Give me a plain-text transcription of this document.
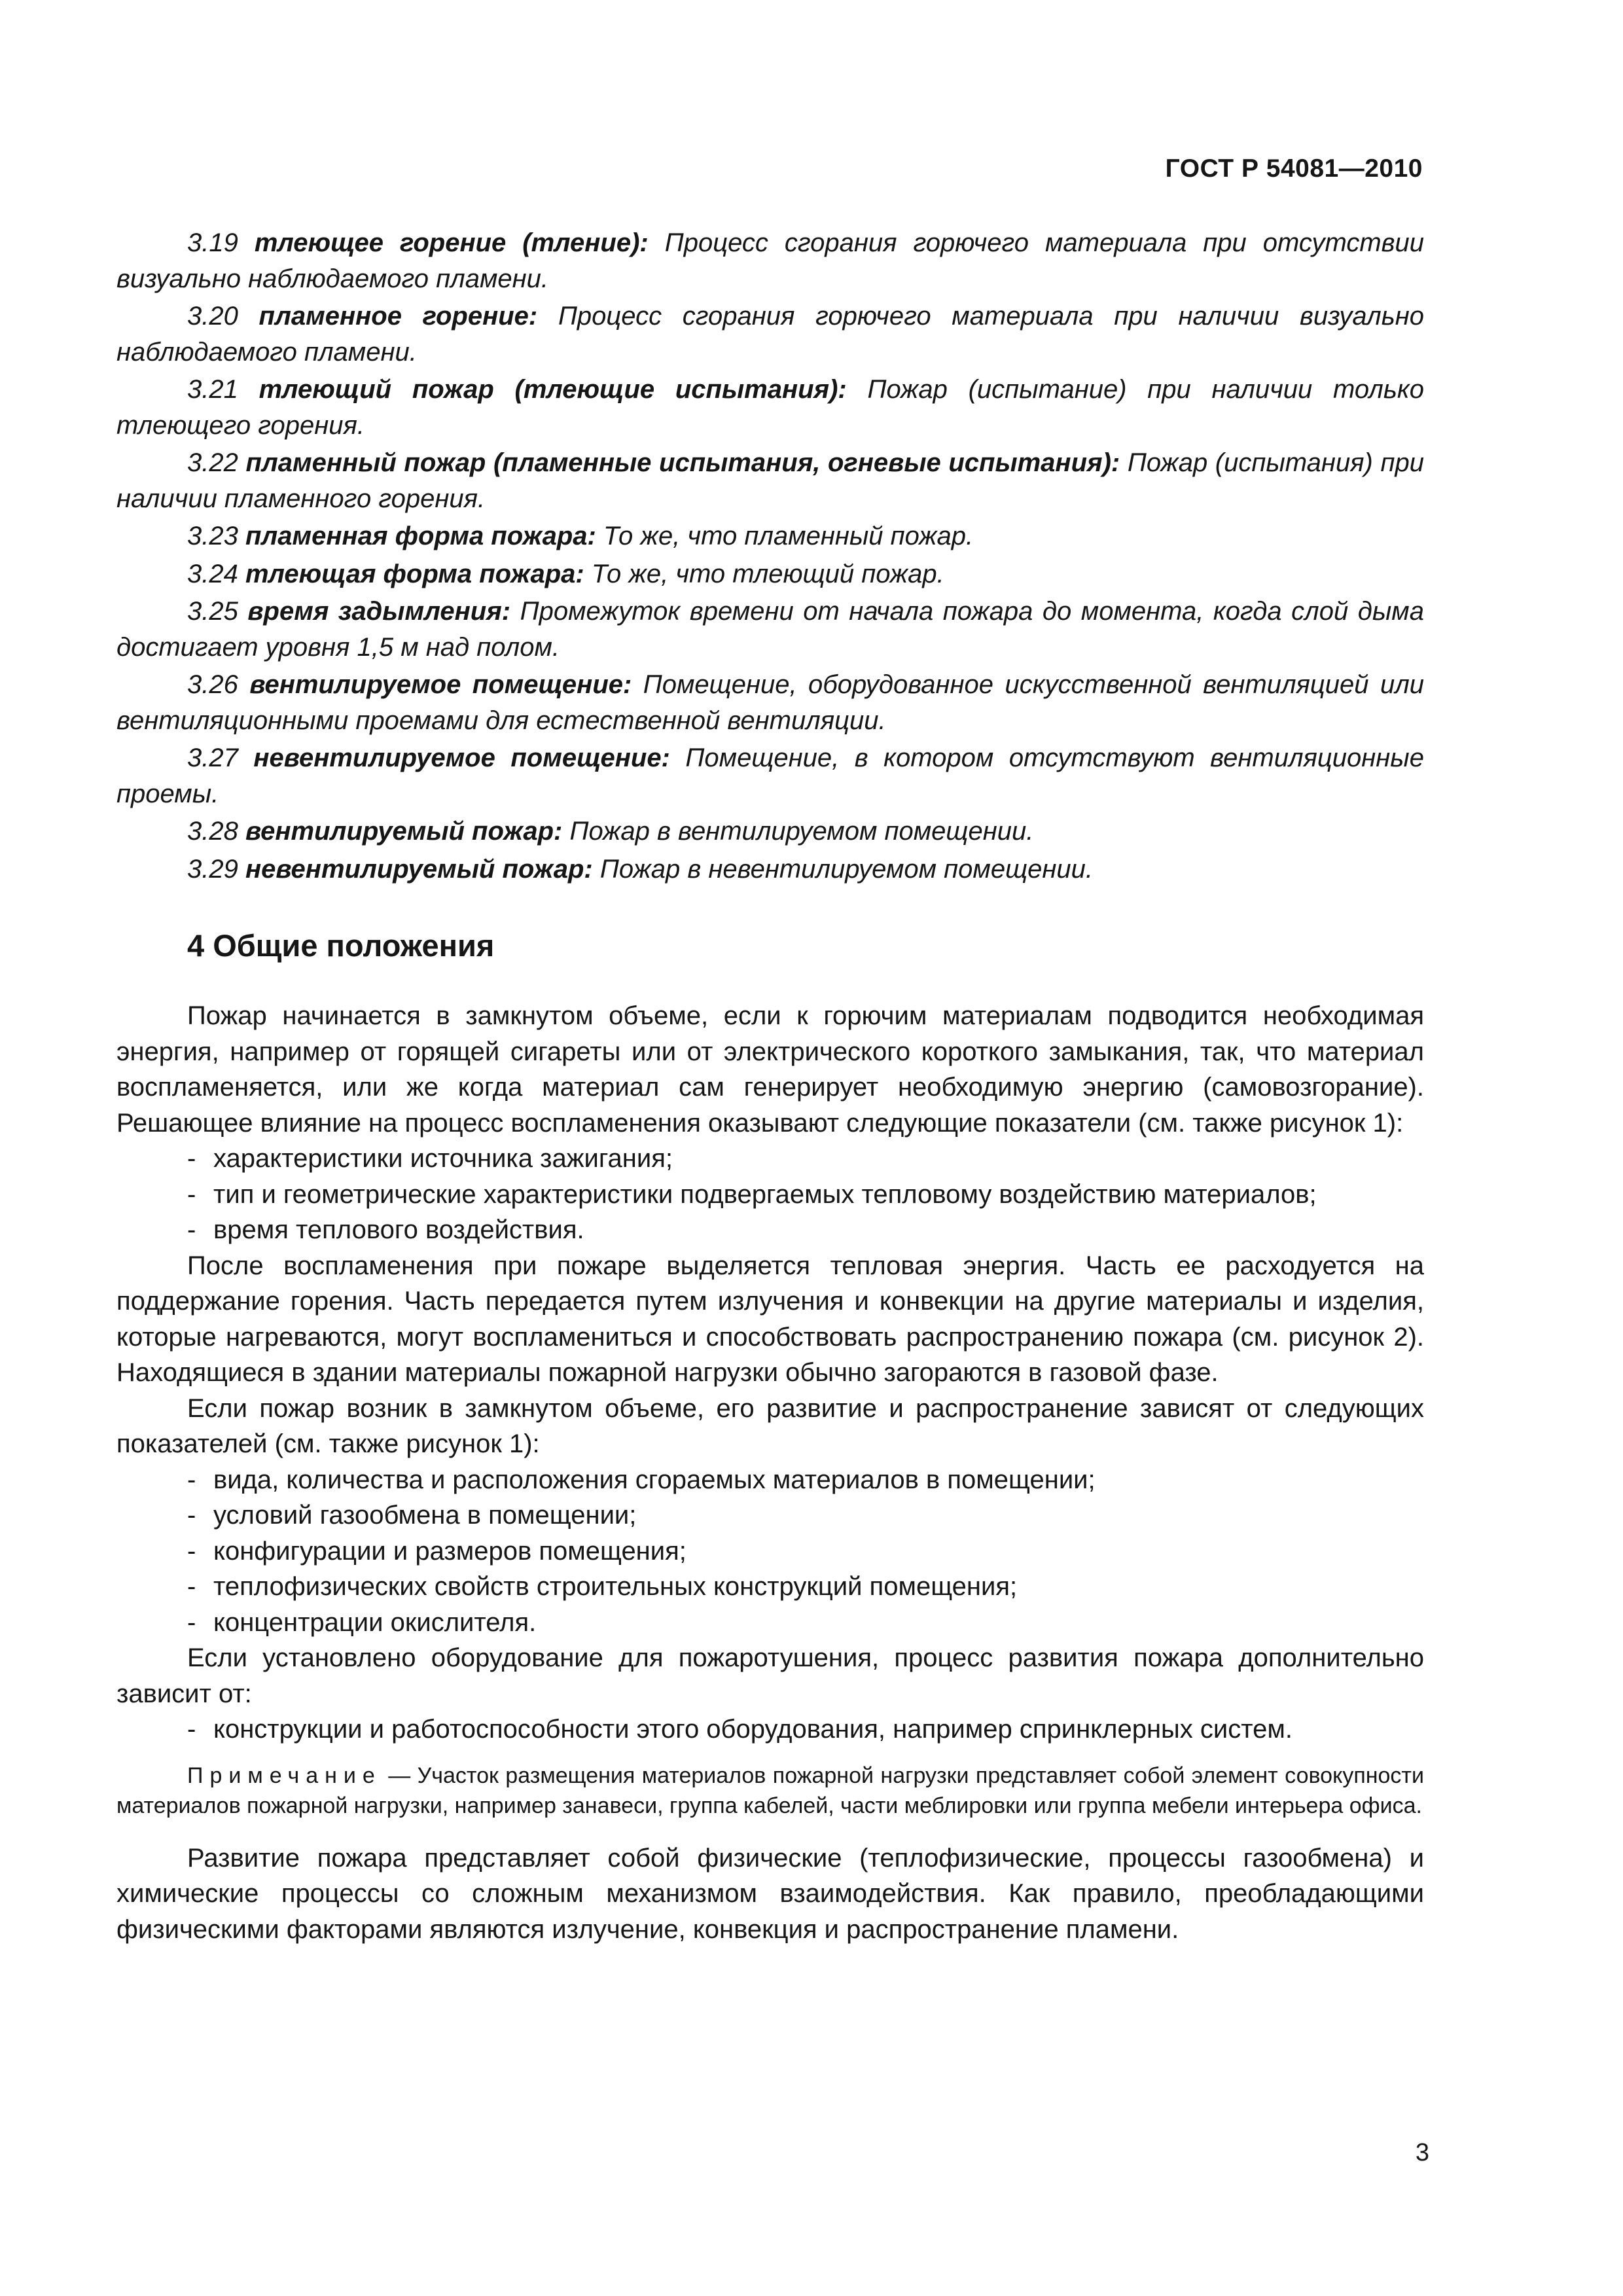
ГОСТ Р 54081—2010

3.19 тлеющее горение (тление): Процесс сгорания горючего материала при отсутствии визуально наблюдаемого пламени.

3.20 пламенное горение: Процесс сгорания горючего материала при наличии визуально наблюдаемого пламени.

3.21 тлеющий пожар (тлеющие испытания): Пожар (испытание) при наличии только тлеющего горения.

3.22 пламенный пожар (пламенные испытания, огневые испытания): Пожар (испытания) при наличии пламенного горения.

3.23 пламенная форма пожара: То же, что пламенный пожар.

3.24 тлеющая форма пожара: То же, что тлеющий пожар.

3.25 время задымления: Промежуток времени от начала пожара до момента, когда слой дыма достигает уровня 1,5 м над полом.

3.26 вентилируемое помещение: Помещение, оборудованное искусственной вентиляцией или вентиляционными проемами для естественной вентиляции.

3.27 невентилируемое помещение: Помещение, в котором отсутствуют вентиляционные проемы.

3.28 вентилируемый пожар: Пожар в вентилируемом помещении.

3.29 невентилируемый пожар: Пожар в невентилируемом помещении.

4 Общие положения

Пожар начинается в замкнутом объеме, если к горючим материалам подводится необходимая энергия, например от горящей сигареты или от электрического короткого замыкания, так, что материал воспламеняется, или же когда материал сам генерирует необходимую энергию (самовозгорание). Решающее влияние на процесс воспламенения оказывают следующие показатели (см. также рисунок 1):

- характеристики источника зажигания;
- тип и геометрические характеристики подвергаемых тепловому воздействию материалов;
- время теплового воздействия.

После воспламенения при пожаре выделяется тепловая энергия. Часть ее расходуется на поддержание горения. Часть передается путем излучения и конвекции на другие материалы и изделия, которые нагреваются, могут воспламениться и способствовать распространению пожара (см. рисунок 2). Находящиеся в здании материалы пожарной нагрузки обычно загораются в газовой фазе.

Если пожар возник в замкнутом объеме, его развитие и распространение зависят от следующих показателей (см. также рисунок 1):

- вида, количества и расположения сгораемых материалов в помещении;
- условий газообмена в помещении;
- конфигурации и размеров помещения;
- теплофизических свойств строительных конструкций помещения;
- концентрации окислителя.

Если установлено оборудование для пожаротушения, процесс развития пожара дополнительно зависит от:

- конструкции и работоспособности этого оборудования, например спринклерных систем.

Примечание — Участок размещения материалов пожарной нагрузки представляет собой элемент совокупности материалов пожарной нагрузки, например занавеси, группа кабелей, части меблировки или группа мебели интерьера офиса.

Развитие пожара представляет собой физические (теплофизические, процессы газообмена) и химические процессы со сложным механизмом взаимодействия. Как правило, преобладающими физическими факторами являются излучение, конвекция и распространение пламени.

3
